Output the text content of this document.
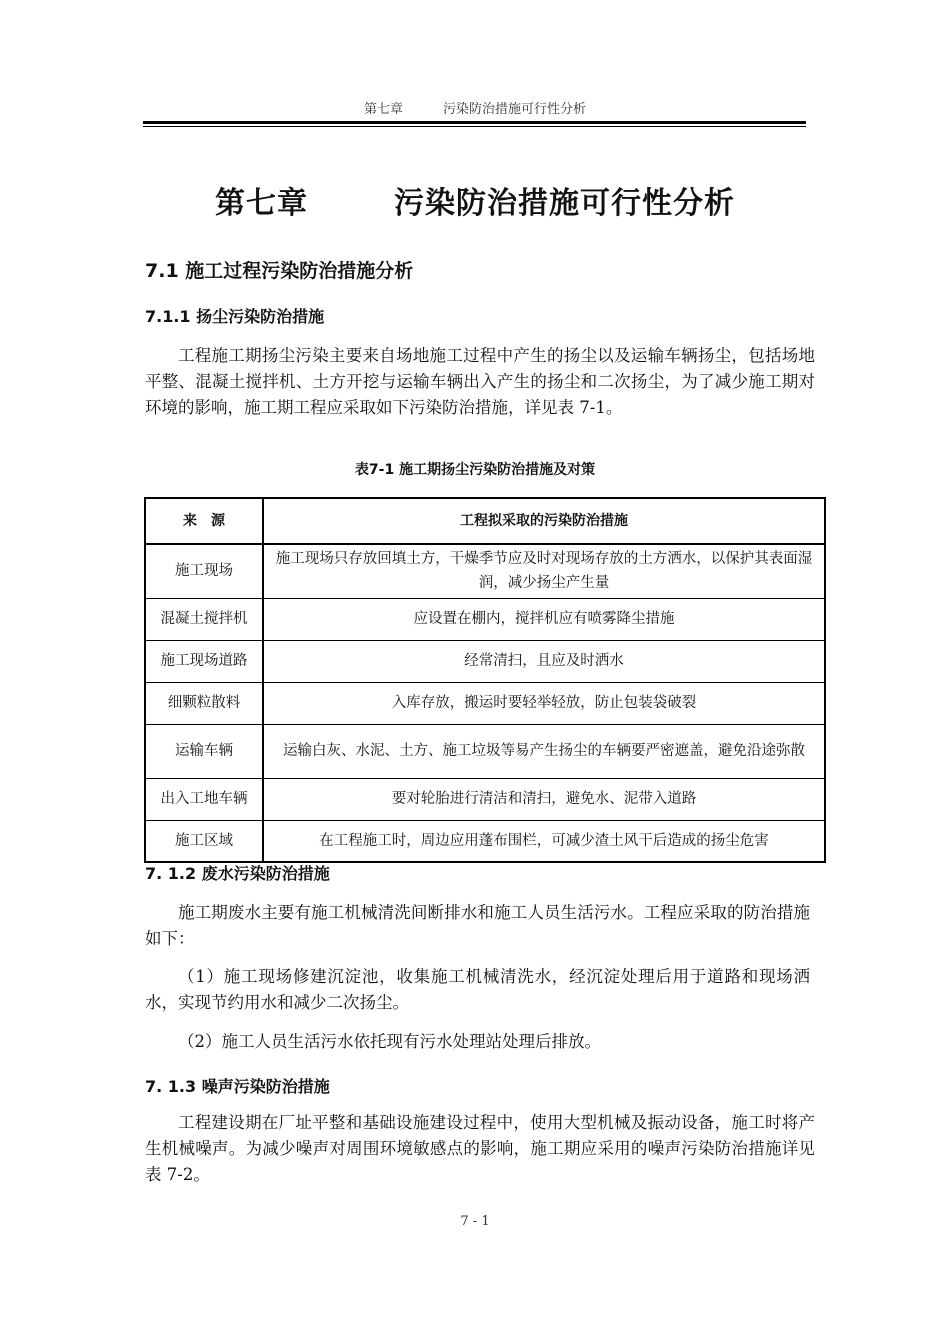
第七章	污染防治措施可行性分析
第七章	污染防治措施可行性分析
7.1 施工过程污染防治措施分析
7.1.1 扬尘污染防治措施
工程施工期扬尘污染主要来自场地施工过程中产生的扬尘以及运输车辆扬尘，包括场地平整、混凝土搅拌机、土方开挖与运输车辆出入产生的扬尘和二次扬尘，为了减少施工期对环境的影响，施工期工程应采取如下污染防治措施，详见表 7-1。
表7-1 施工期扬尘污染防治措施及对策
来　源	工程拟采取的污染防治措施
施工现场	施工现场只存放回填土方，干燥季节应及时对现场存放的土方洒水，以保护其表面湿润，减少扬尘产生量
混凝土搅拌机	应设置在棚内，搅拌机应有喷雾降尘措施
施工现场道路	经常清扫，且应及时洒水
细颗粒散料	入库存放，搬运时要轻举轻放，防止包装袋破裂
运输车辆	运输白灰、水泥、土方、施工垃圾等易产生扬尘的车辆要严密遮盖，避免沿途弥散
出入工地车辆	要对轮胎进行清洁和清扫，避免水、泥带入道路
施工区域	在工程施工时，周边应用蓬布围栏，可减少渣土风干后造成的扬尘危害
7. 1.2 废水污染防治措施
施工期废水主要有施工机械清洗间断排水和施工人员生活污水。工程应采取的防治措施如下：
（1）施工现场修建沉淀池，收集施工机械清洗水，经沉淀处理后用于道路和现场洒水，实现节约用水和减少二次扬尘。
（2）施工人员生活污水依托现有污水处理站处理后排放。
7. 1.3 噪声污染防治措施
工程建设期在厂址平整和基础设施建设过程中，使用大型机械及振动设备，施工时将产生机械噪声。为减少噪声对周围环境敏感点的影响，施工期应采用的噪声污染防治措施详见表 7-2。
7 - 1
